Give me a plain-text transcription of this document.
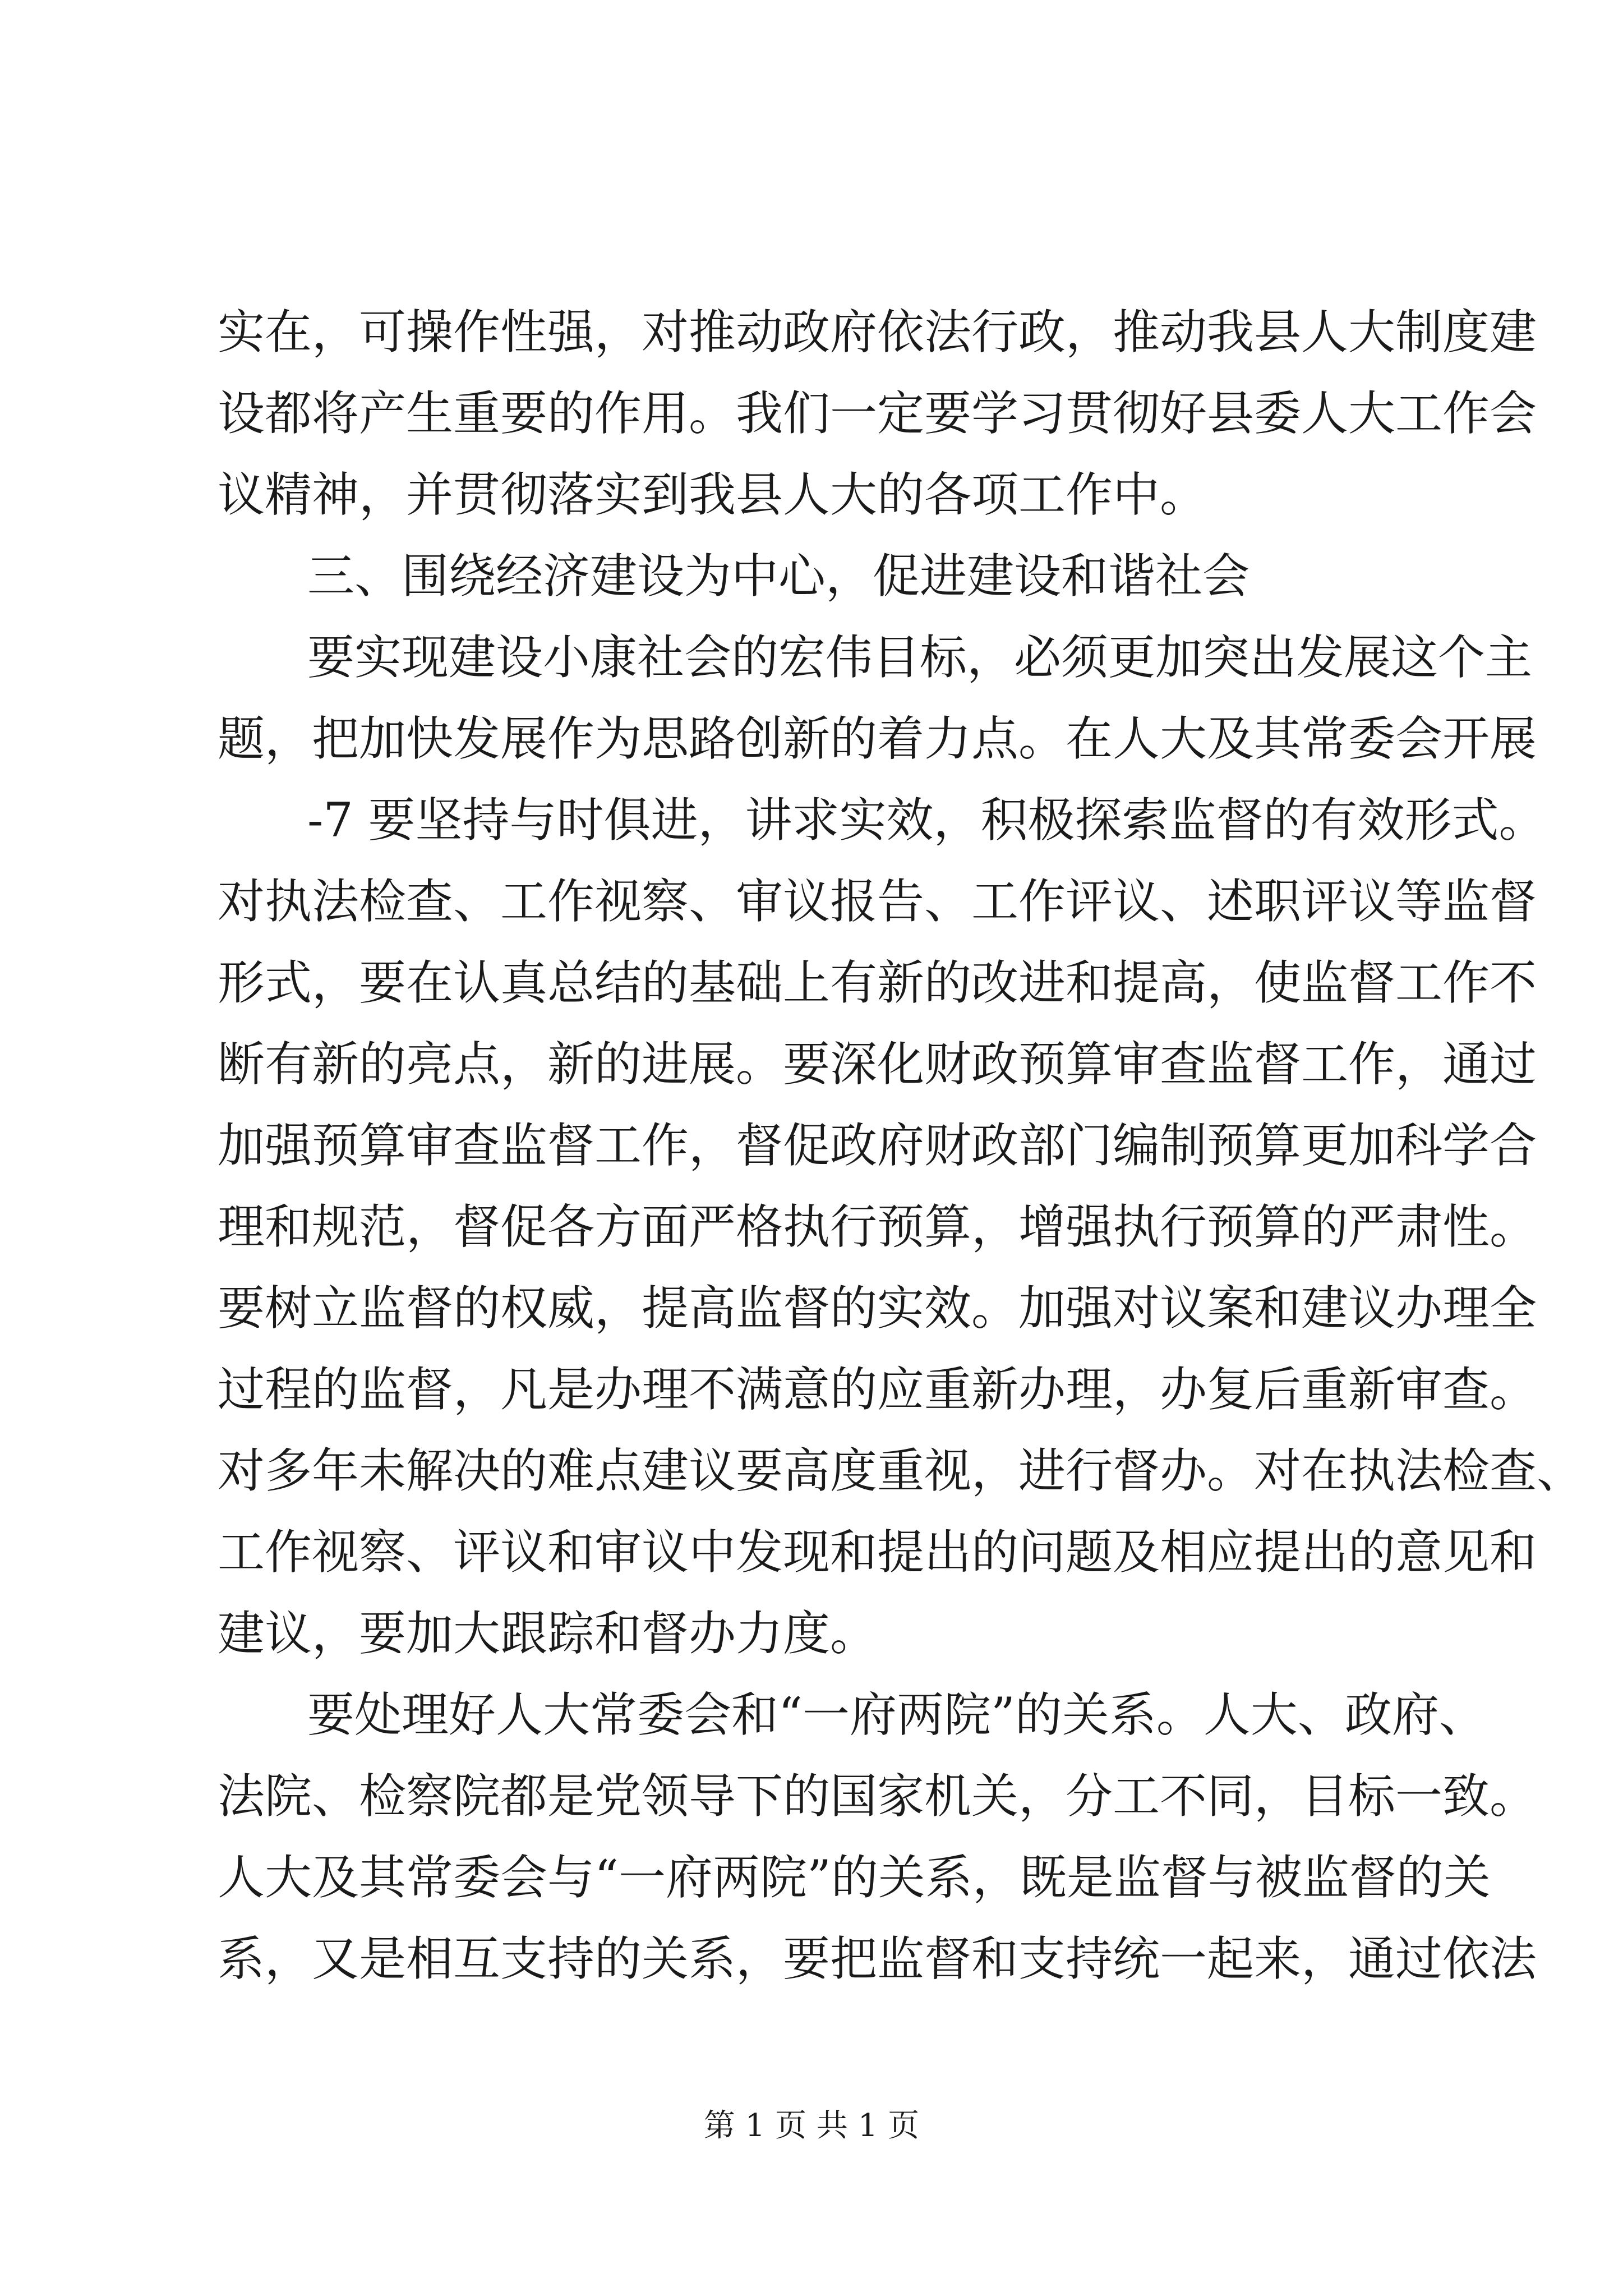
实在，可操作性强，对推动政府依法行政，推动我县人大制度建
设都将产生重要的作用。我们一定要学习贯彻好县委人大工作会
议精神，并贯彻落实到我县人大的各项工作中。
三、围绕经济建设为中心，促进建设和谐社会
要实现建设小康社会的宏伟目标，必须更加突出发展这个主
题，把加快发展作为思路创新的着力点。在人大及其常委会开展
-7 要坚持与时俱进，讲求实效，积极探索监督的有效形式。
对执法检查、工作视察、审议报告、工作评议、述职评议等监督
形式，要在认真总结的基础上有新的改进和提高，使监督工作不
断有新的亮点，新的进展。要深化财政预算审查监督工作，通过
加强预算审查监督工作，督促政府财政部门编制预算更加科学合
理和规范，督促各方面严格执行预算，增强执行预算的严肃性。
要树立监督的权威，提高监督的实效。加强对议案和建议办理全
过程的监督，凡是办理不满意的应重新办理，办复后重新审查。
对多年未解决的难点建议要高度重视，进行督办。对在执法检查、
工作视察、评议和审议中发现和提出的问题及相应提出的意见和
建议，要加大跟踪和督办力度。
要处理好人大常委会和“一府两院”的关系。人大、政府、
法院、检察院都是党领导下的国家机关，分工不同，目标一致。
人大及其常委会与“一府两院”的关系，既是监督与被监督的关
系，又是相互支持的关系，要把监督和支持统一起来，通过依法
第 1 页 共 1 页
